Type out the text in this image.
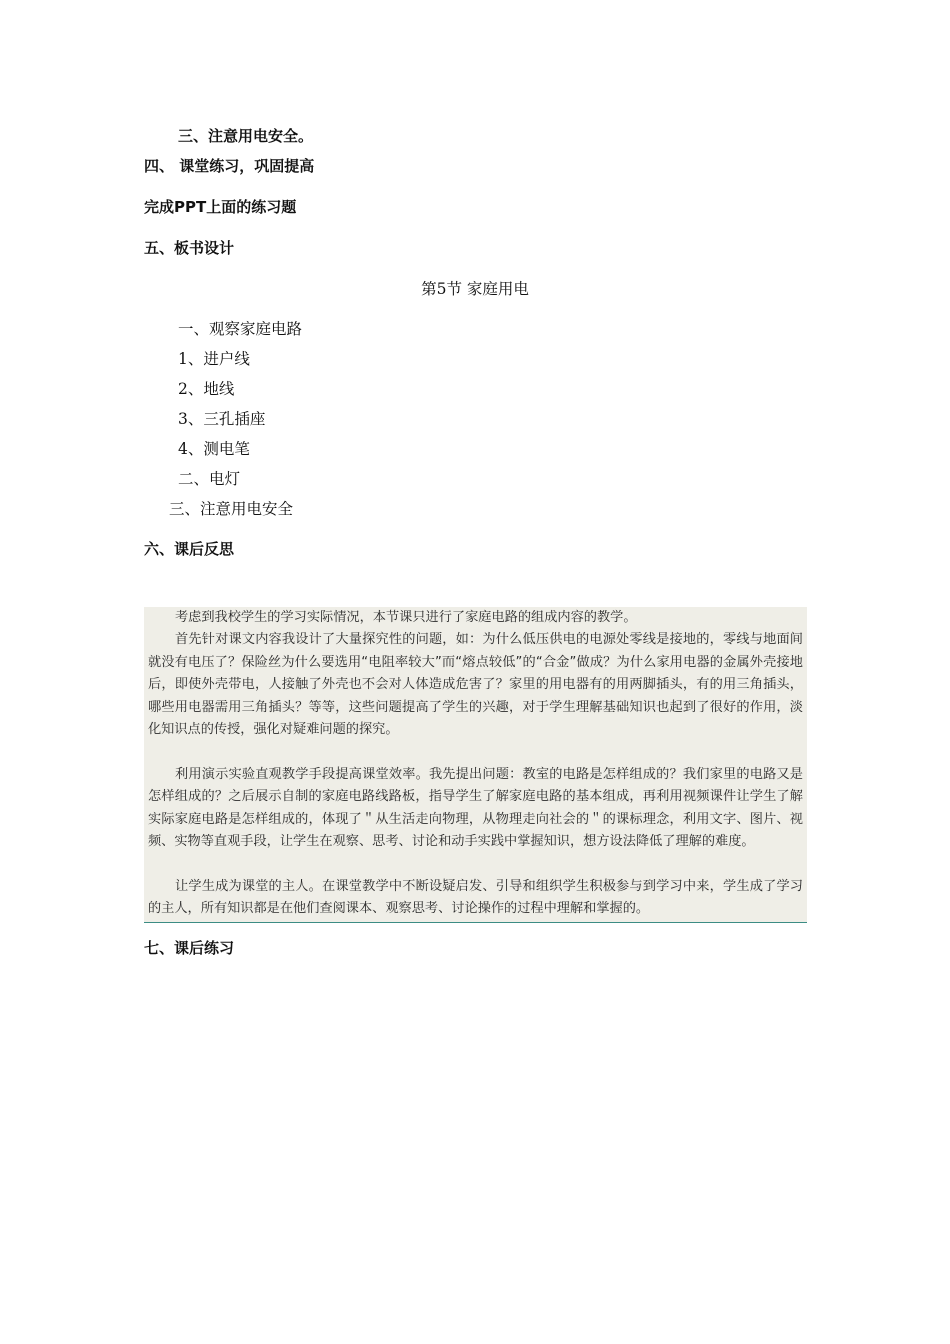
三、注意用电安全。
四、 课堂练习，巩固提高
完成PPT上面的练习题
五、板书设计
第5节 家庭用电
一、观察家庭电路
1、进户线
2、地线
3、三孔插座
4、测电笔
二、电灯
三、注意用电安全
六、课后反思

考虑到我校学生的学习实际情况，本节课只进行了家庭电路的组成内容的教学。

首先针对课文内容我设计了大量探究性的问题，如：为什么低压供电的电源处零线是接地的，零线与地面间就没有电压了？保险丝为什么要选用“电阻率较大”而“熔点较低”的“合金”做成？为什么家用电器的金属外壳接地后，即使外壳带电，人接触了外壳也不会对人体造成危害了？家里的用电器有的用两脚插头，有的用三角插头，哪些用电器需用三角插头？等等，这些问题提高了学生的兴趣，对于学生理解基础知识也起到了很好的作用，淡化知识点的传授，强化对疑难问题的探究。

利用演示实验直观教学手段提高课堂效率。我先提出问题：教室的电路是怎样组成的？我们家里的电路又是怎样组成的？之后展示自制的家庭电路线路板，指导学生了解家庭电路的基本组成，再利用视频课件让学生了解实际家庭电路是怎样组成的，体现了＂从生活走向物理，从物理走向社会的＂的课标理念，利用文字、图片、视频、实物等直观手段，让学生在观察、思考、讨论和动手实践中掌握知识，想方设法降低了理解的难度。

让学生成为课堂的主人。在课堂教学中不断设疑启发、引导和组织学生积极参与到学习中来，学生成了学习的主人，所有知识都是在他们查阅课本、观察思考、讨论操作的过程中理解和掌握的。

七、课后练习
